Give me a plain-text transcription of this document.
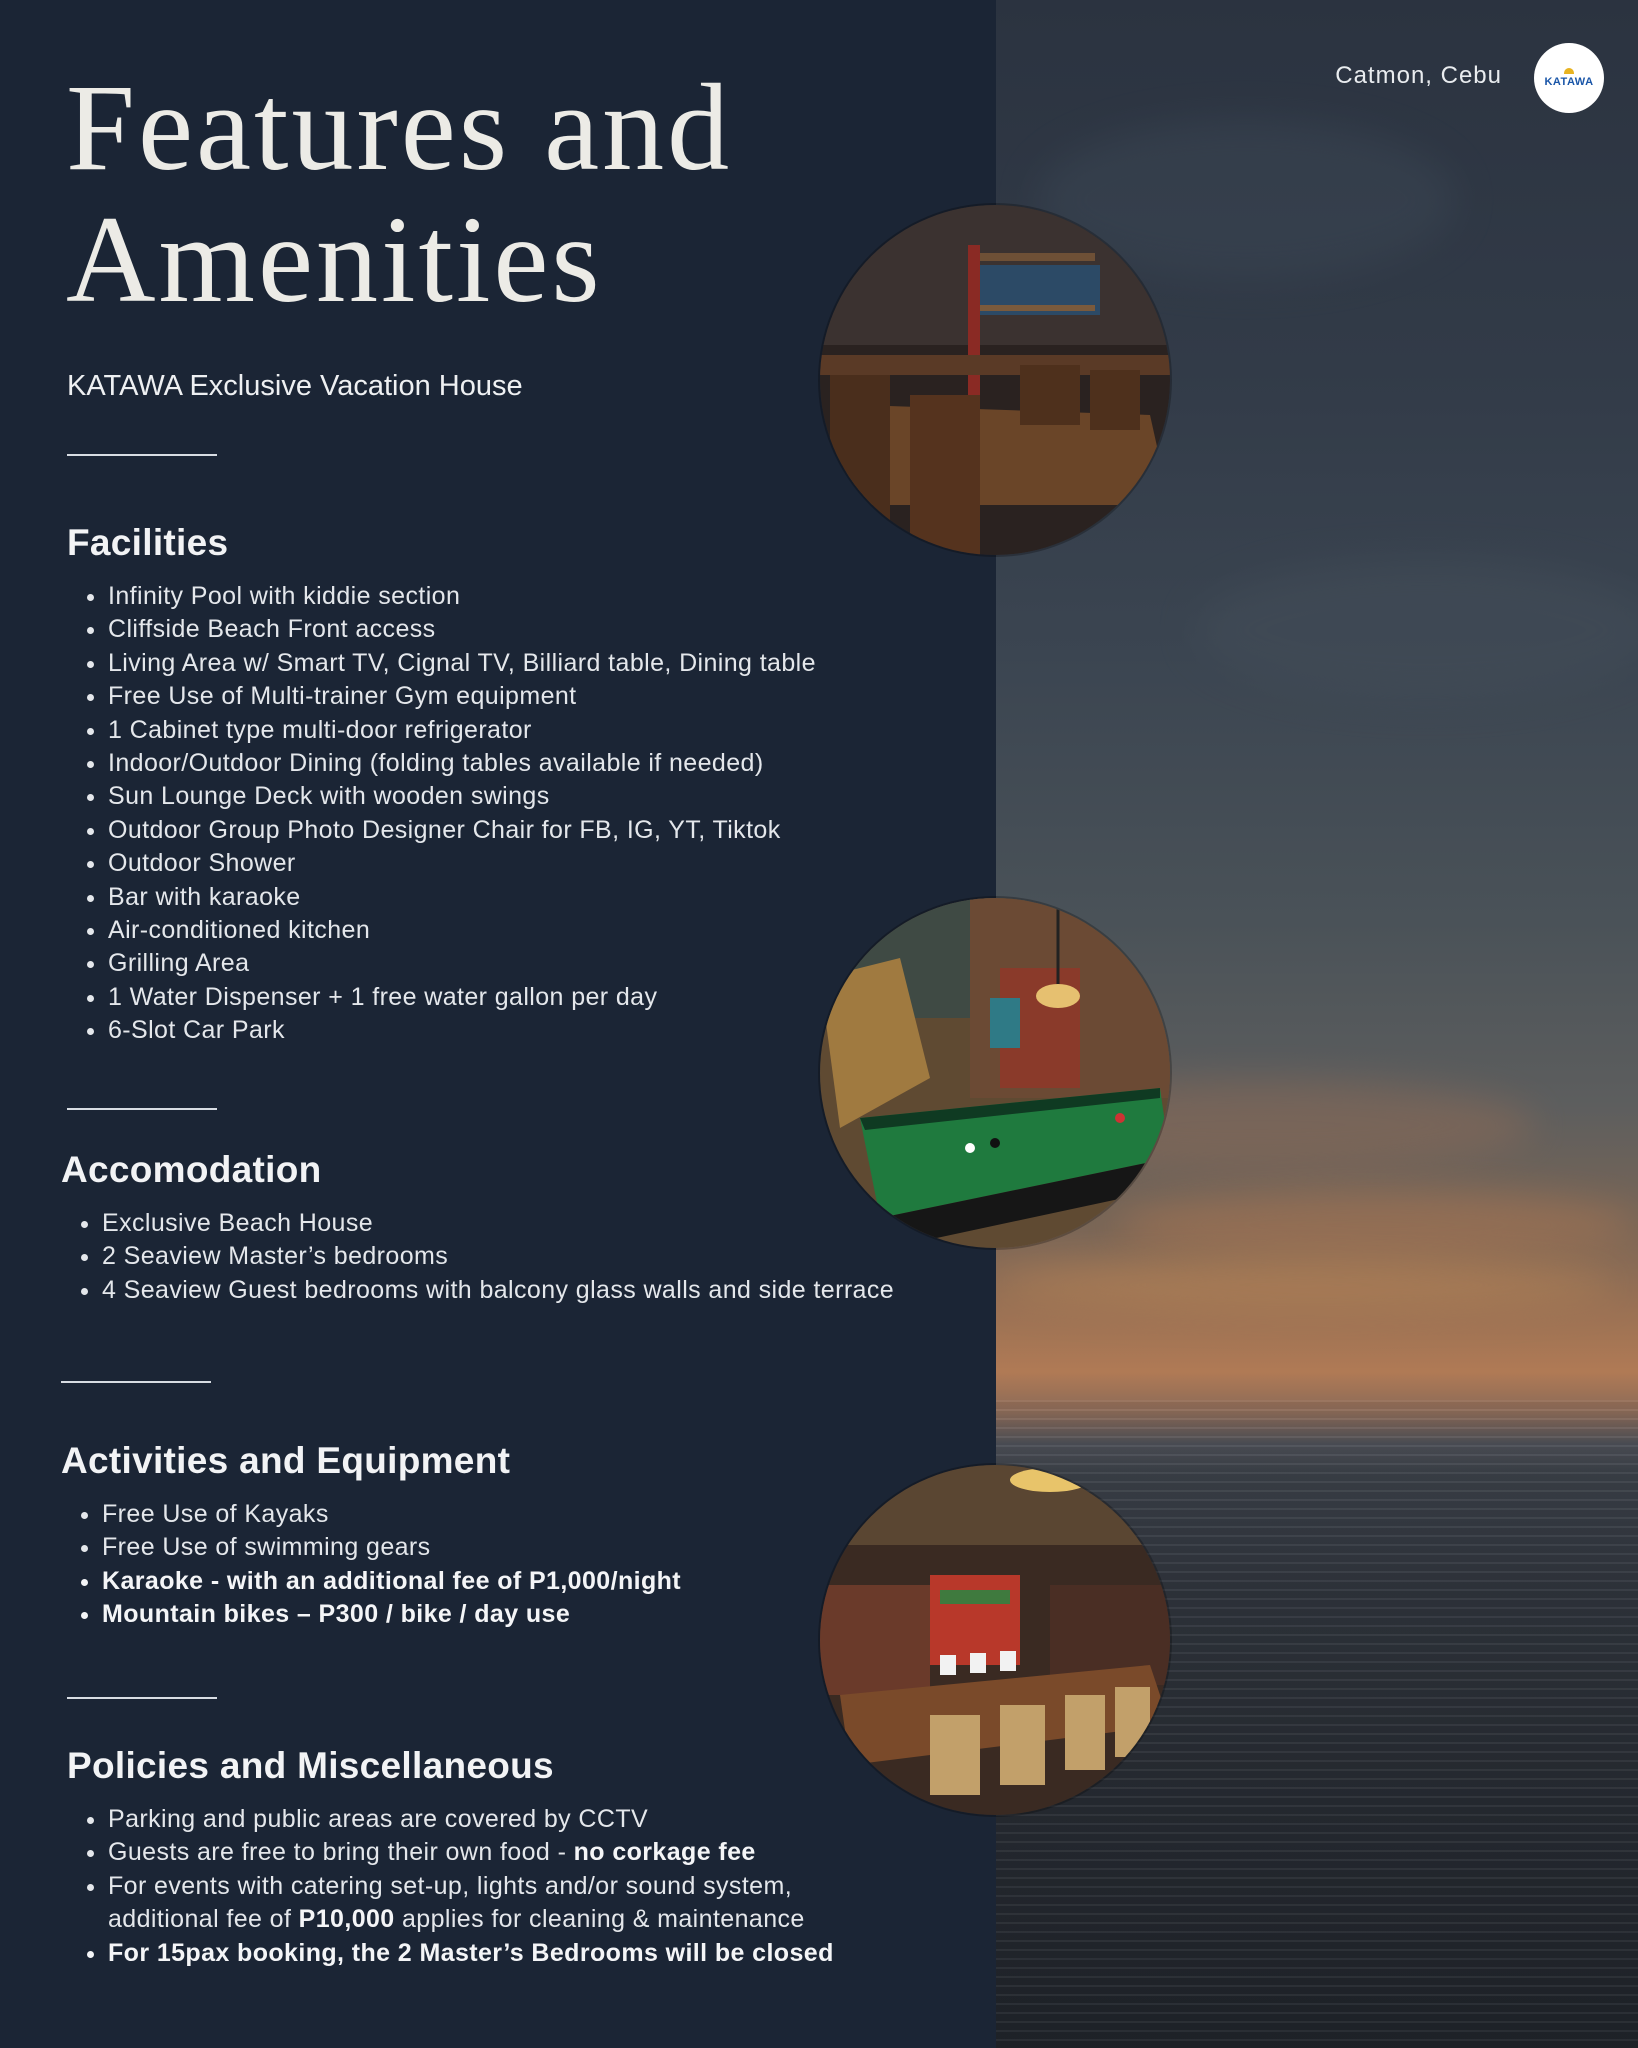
Catmon, Cebu	KATAWA
Features and
Amenities
KATAWA Exclusive Vacation House
Facilities
• Infinity Pool with kiddie section
• Cliffside Beach Front access
• Living Area w/ Smart TV, Cignal TV, Billiard table, Dining table
• Free Use of Multi-trainer Gym equipment
• 1 Cabinet type multi-door refrigerator
• Indoor/Outdoor Dining (folding tables available if needed)
• Sun Lounge Deck with wooden swings
• Outdoor Group Photo Designer Chair for FB, IG, YT, Tiktok
• Outdoor Shower
• Bar with karaoke
• Air-conditioned kitchen
• Grilling Area
• 1 Water Dispenser + 1 free water gallon per day
• 6-Slot Car Park
Accomodation
• Exclusive Beach House
• 2 Seaview Master’s bedrooms
• 4 Seaview Guest bedrooms with balcony glass walls and side terrace
Activities and Equipment
• Free Use of Kayaks
• Free Use of swimming gears
• Karaoke - with an additional fee of P1,000/night
• Mountain bikes – P300 / bike / day use
Policies and Miscellaneous
• Parking and public areas are covered by CCTV
• Guests are free to bring their own food - no corkage fee
• For events with catering set-up, lights and/or sound system, additional fee of P10,000 applies for cleaning & maintenance
• For 15pax booking, the 2 Master’s Bedrooms will be closed
